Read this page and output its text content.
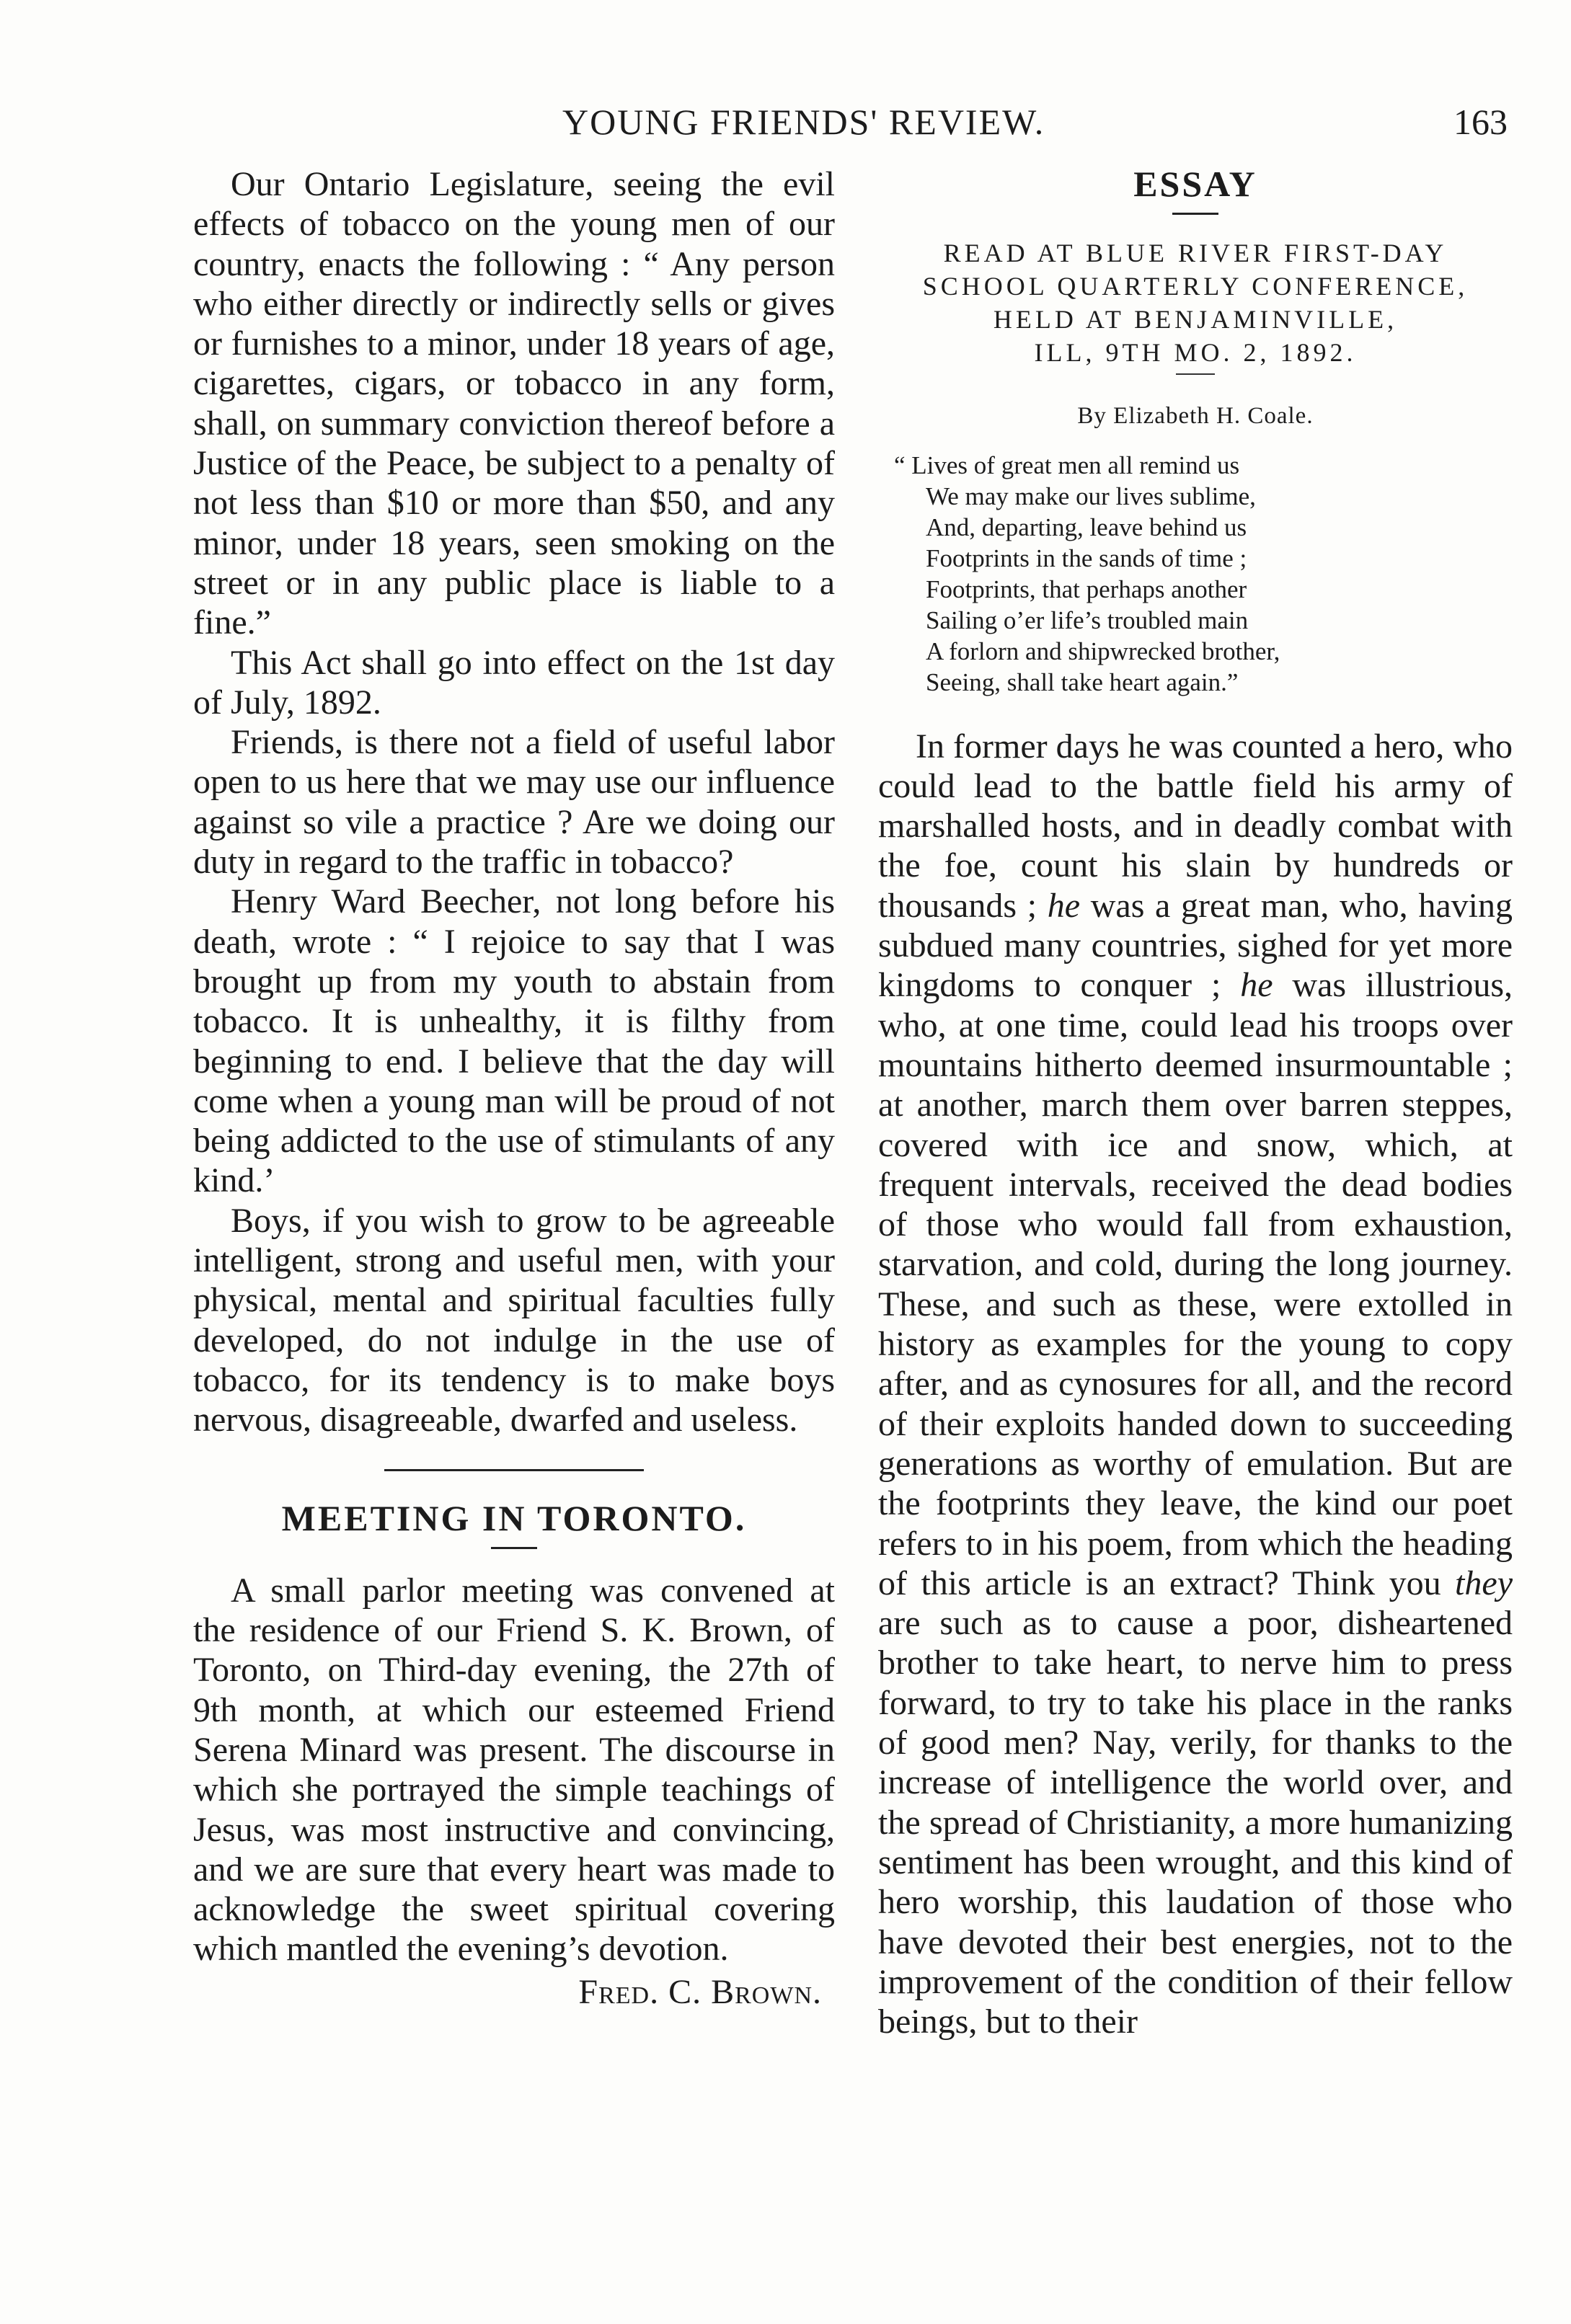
YOUNG FRIENDS' REVIEW.	163

Our Ontario Legislature, seeing the evil effects of tobacco on the young men of our country, enacts the following : “ Any person who either directly or indirectly sells or gives or furnishes to a minor, under 18 years of age, cigarettes, cigars, or tobacco in any form, shall, on summary conviction thereof before a Justice of the Peace, be subject to a penalty of not less than $10 or more than $50, and any minor, under 18 years, seen smoking on the street or in any public place is liable to a fine.”

This Act shall go into effect on the 1st day of July, 1892.

Friends, is there not a field of useful labor open to us here that we may use our influence against so vile a practice ? Are we doing our duty in regard to the traffic in tobacco?

Henry Ward Beecher, not long before his death, wrote : “ I rejoice to say that I was brought up from my youth to abstain from tobacco. It is unhealthy, it is filthy from beginning to end. I believe that the day will come when a young man will be proud of not being addicted to the use of stimulants of any kind.’

Boys, if you wish to grow to be agreeable intelligent, strong and useful men, with your physical, mental and spiritual faculties fully developed, do not indulge in the use of tobacco, for its tendency is to make boys nervous, disagreeable, dwarfed and useless.

MEETING IN TORONTO.

A small parlor meeting was convened at the residence of our Friend S. K. Brown, of Toronto, on Third-day evening, the 27th of 9th month, at which our esteemed Friend Serena Minard was present. The discourse in which she portrayed the simple teachings of Jesus, was most instructive and convincing, and we are sure that every heart was made to acknowledge the sweet spiritual covering which mantled the evening’s devotion.

Fred. C. Brown.
ESSAY
READ AT BLUE RIVER FIRST-DAY
SCHOOL QUARTERLY CONFERENCE,
HELD AT BENJAMINVILLE,
ILL, 9TH MO. 2, 1892.
By Elizabeth H. Coale.
“ Lives of great men all remind us
We may make our lives sublime,
And, departing, leave behind us
Footprints in the sands of time ;
Footprints, that perhaps another
Sailing o’er life’s troubled main
A forlorn and shipwrecked brother,
Seeing, shall take heart again.”

In former days he was counted a hero, who could lead to the battle field his army of marshalled hosts, and in deadly combat with the foe, count his slain by hundreds or thousands ; he was a great man, who, having subdued many countries, sighed for yet more kingdoms to conquer ; he was illustrious, who, at one time, could lead his troops over mountains hitherto deemed insurmountable ; at another, march them over barren steppes, covered with ice and snow, which, at frequent intervals, received the dead bodies of those who would fall from exhaustion, starvation, and cold, during the long journey. These, and such as these, were extolled in history as examples for the young to copy after, and as cynosures for all, and the record of their exploits handed down to succeeding generations as worthy of emulation. But are the footprints they leave, the kind our poet refers to in his poem, from which the heading of this article is an extract? Think you they are such as to cause a poor, disheartened brother to take heart, to nerve him to press forward, to try to take his place in the ranks of good men? Nay, verily, for thanks to the increase of intelligence the world over, and the spread of Christianity, a more humanizing sentiment has been wrought, and this kind of hero worship, this laudation of those who have devoted their best energies, not to the improvement of the condition of their fellow beings, but to their
